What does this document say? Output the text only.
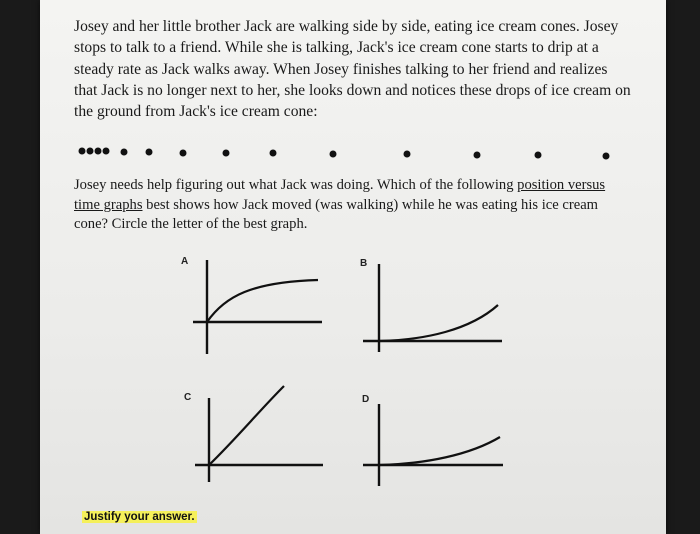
Josey and her little brother Jack are walking side by side, eating ice cream cones. Josey stops to talk to a friend. While she is talking, Jack's ice cream cone starts to drip at a steady rate as Jack walks away. When Josey finishes talking to her friend and realizes that Jack is no longer next to her, she looks down and notices these drops of ice cream on the ground from Jack's ice cream cone:

Josey needs help figuring out what Jack was doing. Which of the following position versus time graphs best shows how Jack moved (was walking) while he was eating his ice cream cone? Circle the letter of the best graph.

A	B
C	D
Justify your answer.
